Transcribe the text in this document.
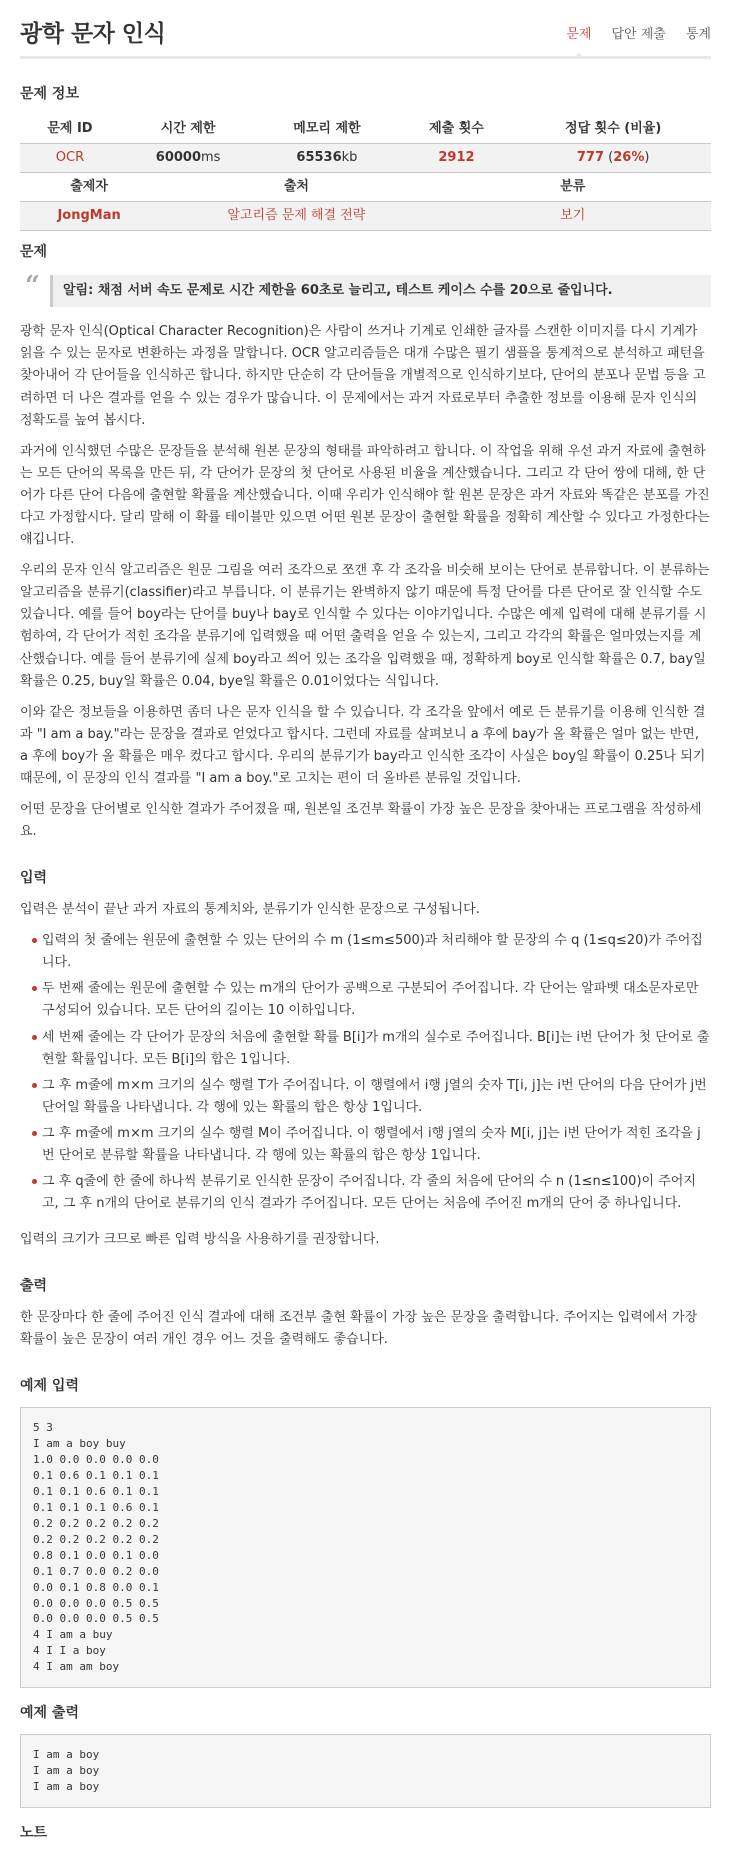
광학 문자 인식	문제 답안 제출 통계
문제 정보
문제 ID	시간 제한	메모리 제한	제출 횟수	정답 횟수 (비율)
OCR	60000ms	65536kb	2912	777 (26%)
출제자	출처	분류
JongMan	알고리즘 문제 해결 전략	보기
문제
“ 알림: 채점 서버 속도 문제로 시간 제한을 60초로 늘리고, 테스트 케이스 수를 20으로 줄입니다.

광학 문자 인식(Optical Character Recognition)은 사람이 쓰거나 기계로 인쇄한 글자를 스캔한 이미지를 다시 기계가 읽을 수 있는 문자로 변환하는 과정을 말합니다. OCR 알고리즘들은 대개 수많은 필기 샘플을 통계적으로 분석하고 패턴을 찾아내어 각 단어들을 인식하곤 합니다. 하지만 단순히 각 단어들을 개별적으로 인식하기보다, 단어의 분포나 문법 등을 고려하면 더 나은 결과를 얻을 수 있는 경우가 많습니다. 이 문제에서는 과거 자료로부터 추출한 정보를 이용해 문자 인식의 정확도를 높여 봅시다.

과거에 인식했던 수많은 문장들을 분석해 원본 문장의 형태를 파악하려고 합니다. 이 작업을 위해 우선 과거 자료에 출현하는 모든 단어의 목록을 만든 뒤, 각 단어가 문장의 첫 단어로 사용된 비율을 계산했습니다. 그리고 각 단어 쌍에 대해, 한 단어가 다른 단어 다음에 출현할 확률을 계산했습니다. 이때 우리가 인식해야 할 원본 문장은 과거 자료와 똑같은 분포를 가진다고 가정합시다. 달리 말해 이 확률 테이블만 있으면 어떤 원본 문장이 출현할 확률을 정확히 계산할 수 있다고 가정한다는 얘깁니다.

우리의 문자 인식 알고리즘은 원문 그림을 여러 조각으로 쪼갠 후 각 조각을 비슷해 보이는 단어로 분류합니다. 이 분류하는 알고리즘을 분류기(classifier)라고 부릅니다. 이 분류기는 완벽하지 않기 때문에 특정 단어를 다른 단어로 잘 인식할 수도 있습니다. 예를 들어 boy라는 단어를 buy나 bay로 인식할 수 있다는 이야기입니다. 수많은 예제 입력에 대해 분류기를 시험하여, 각 단어가 적힌 조각을 분류기에 입력했을 때 어떤 출력을 얻을 수 있는지, 그리고 각각의 확률은 얼마였는지를 계산했습니다. 예를 들어 분류기에 실제 boy라고 씌어 있는 조각을 입력했을 때, 정확하게 boy로 인식할 확률은 0.7, bay일 확률은 0.25, buy일 확률은 0.04, bye일 확률은 0.01이었다는 식입니다.

이와 같은 정보들을 이용하면 좀더 나은 문자 인식을 할 수 있습니다. 각 조각을 앞에서 예로 든 분류기를 이용해 인식한 결과 "I am a bay."라는 문장을 결과로 얻었다고 합시다. 그런데 자료를 살펴보니 a 후에 bay가 올 확률은 얼마 없는 반면, a 후에 boy가 올 확률은 매우 컸다고 합시다. 우리의 분류기가 bay라고 인식한 조각이 사실은 boy일 확률이 0.25나 되기 때문에, 이 문장의 인식 결과를 "I am a boy."로 고치는 편이 더 올바른 분류일 것입니다.

어떤 문장을 단어별로 인식한 결과가 주어졌을 때, 원본일 조건부 확률이 가장 높은 문장을 찾아내는 프로그램을 작성하세요.

입력

입력은 분석이 끝난 과거 자료의 통계치와, 분류기가 인식한 문장으로 구성됩니다.

입력의 첫 줄에는 원문에 출현할 수 있는 단어의 수 m (1≤m≤500)과 처리해야 할 문장의 수 q (1≤q≤20)가 주어집니다.
두 번째 줄에는 원문에 출현할 수 있는 m개의 단어가 공백으로 구분되어 주어집니다. 각 단어는 알파벳 대소문자로만 구성되어 있습니다. 모든 단어의 길이는 10 이하입니다.
세 번째 줄에는 각 단어가 문장의 처음에 출현할 확률 B[i]가 m개의 실수로 주어집니다. B[i]는 i번 단어가 첫 단어로 출현할 확률입니다. 모든 B[i]의 합은 1입니다.
그 후 m줄에 m×m 크기의 실수 행렬 T가 주어집니다. 이 행렬에서 i행 j열의 숫자 T[i, j]는 i번 단어의 다음 단어가 j번 단어일 확률을 나타냅니다. 각 행에 있는 확률의 합은 항상 1입니다.
그 후 m줄에 m×m 크기의 실수 행렬 M이 주어집니다. 이 행렬에서 i행 j열의 숫자 M[i, j]는 i번 단어가 적힌 조각을 j번 단어로 분류할 확률을 나타냅니다. 각 행에 있는 확률의 합은 항상 1입니다.
그 후 q줄에 한 줄에 하나씩 분류기로 인식한 문장이 주어집니다. 각 줄의 처음에 단어의 수 n (1≤n≤100)이 주어지고, 그 후 n개의 단어로 분류기의 인식 결과가 주어집니다. 모든 단어는 처음에 주어진 m개의 단어 중 하나입니다.

입력의 크기가 크므로 빠른 입력 방식을 사용하기를 권장합니다.

출력

한 문장마다 한 줄에 주어진 인식 결과에 대해 조건부 출현 확률이 가장 높은 문장을 출력합니다. 주어지는 입력에서 가장 확률이 높은 문장이 여러 개인 경우 어느 것을 출력해도 좋습니다.

예제 입력
5 3
I am a boy buy
1.0 0.0 0.0 0.0 0.0
0.1 0.6 0.1 0.1 0.1
0.1 0.1 0.6 0.1 0.1
0.1 0.1 0.1 0.6 0.1
0.2 0.2 0.2 0.2 0.2
0.2 0.2 0.2 0.2 0.2
0.8 0.1 0.0 0.1 0.0
0.1 0.7 0.0 0.2 0.0
0.0 0.1 0.8 0.0 0.1
0.0 0.0 0.0 0.5 0.5
0.0 0.0 0.0 0.5 0.5
4 I am a buy
4 I I a boy
4 I am am boy
예제 출력
I am a boy
I am a boy
I am a boy
노트
